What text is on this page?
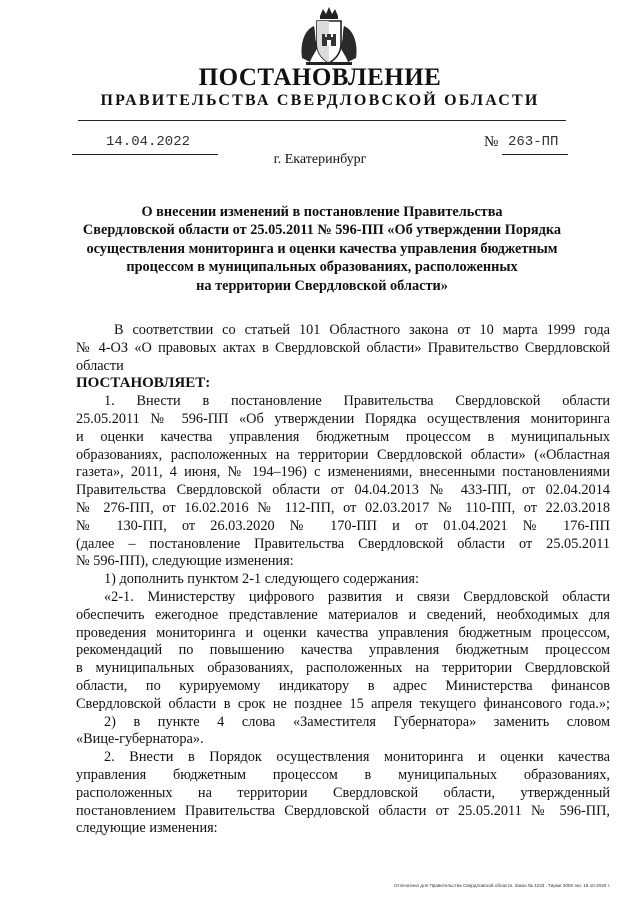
ПОСТАНОВЛЕНИЕ
ПРАВИТЕЛЬСТВА СВЕРДЛОВСКОЙ ОБЛАСТИ
14.04.2022	№ 263-ПП
г. Екатеринбург
О внесении изменений в постановление Правительства
Свердловской области от 25.05.2011 № 596-ПП «Об утверждении Порядка
осуществления мониторинга и оценки качества управления бюджетным
процессом в муниципальных образованиях, расположенных
на территории Свердловской области»
В соответствии со статьей 101 Областного закона от 10 марта 1999 года
№ 4-ОЗ «О правовых актах в Свердловской области» Правительство Свердловской
области
ПОСТАНОВЛЯЕТ:
1. Внести в постановление Правительства Свердловской области
25.05.2011 № 596-ПП «Об утверждении Порядка осуществления мониторинга
и оценки качества управления бюджетным процессом в муниципальных
образованиях, расположенных на территории Свердловской области» («Областная
газета», 2011, 4 июня, № 194–196) с изменениями, внесенными постановлениями
Правительства Свердловской области от 04.04.2013 № 433-ПП, от 02.04.2014
№ 276-ПП, от 16.02.2016 № 112-ПП, от 02.03.2017 № 110-ПП, от 22.03.2018
№ 130-ПП, от 26.03.2020 № 170-ПП и от 01.04.2021 № 176-ПП
(далее – постановление Правительства Свердловской области от 25.05.2011
№ 596-ПП), следующие изменения:
1) дополнить пунктом 2-1 следующего содержания:
«2-1. Министерству цифрового развития и связи Свердловской области
обеспечить ежегодное представление материалов и сведений, необходимых для
проведения мониторинга и оценки качества управления бюджетным процессом,
рекомендаций по повышению качества управления бюджетным процессом
в муниципальных образованиях, расположенных на территории Свердловской
области, по курируемому индикатору в адрес Министерства финансов
Свердловской области в срок не позднее 15 апреля текущего финансового года.»;
2) в пункте 4 слова «Заместителя Губернатора» заменить словом
«Вице-губернатора».
2. Внести в Порядок осуществления мониторинга и оценки качества
управления бюджетным процессом в муниципальных образованиях,
расположенных на территории Свердловской области, утвержденный
постановлением Правительства Свердловской области от 25.05.2011 № 596-ПП,
следующие изменения:
Отпечатано для Правительства Свердловской области. Заказ № 4233 . Тираж 3000 экз. 16.10.2020 г.
